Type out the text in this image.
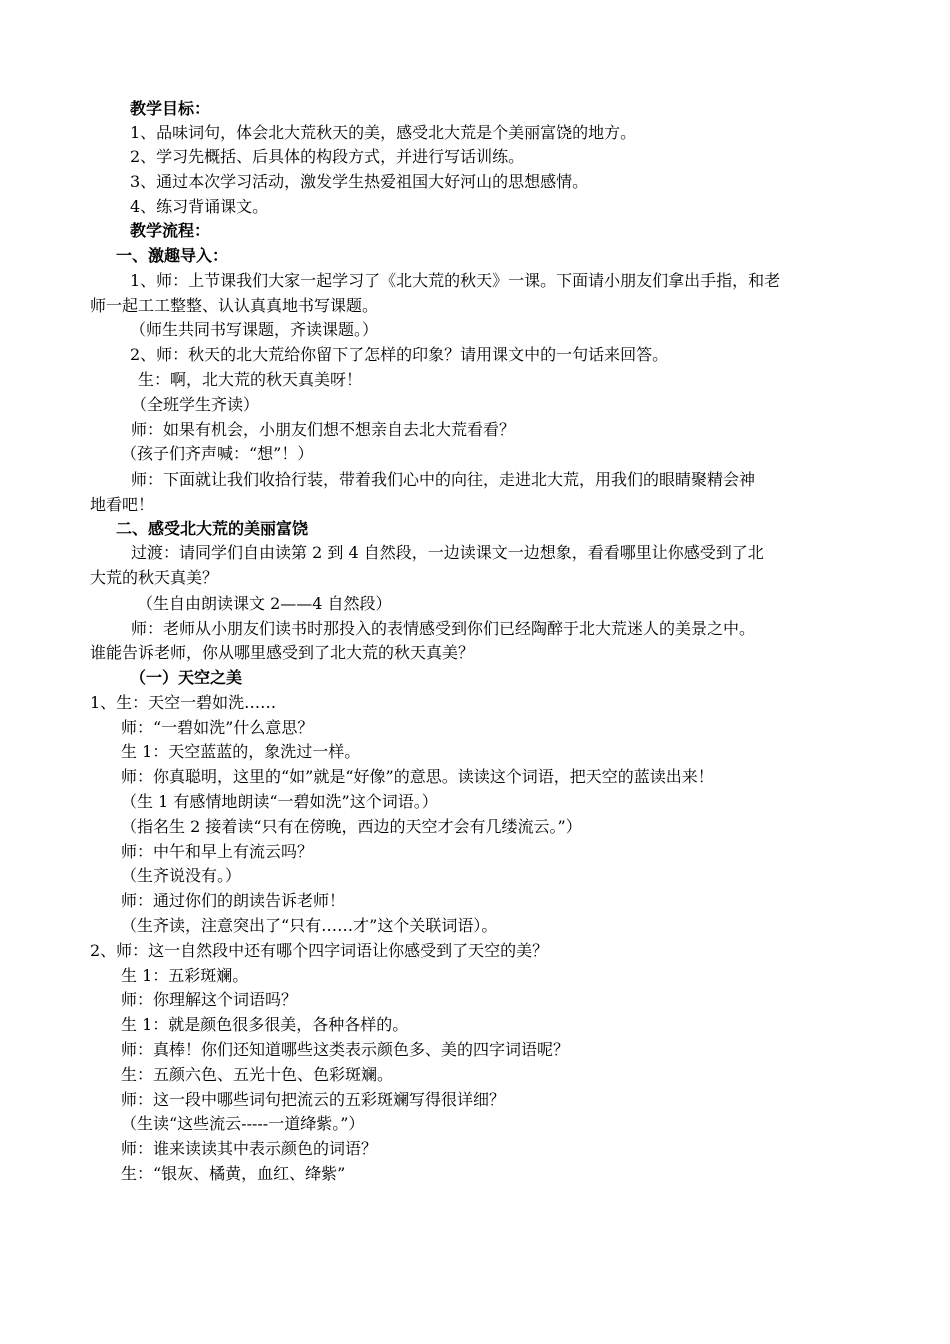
教学目标：
1、品味词句，体会北大荒秋天的美，感受北大荒是个美丽富饶的地方。
2、学习先概括、后具体的构段方式，并进行写话训练。
3、通过本次学习活动，激发学生热爱祖国大好河山的思想感情。
4、练习背诵课文。
教学流程：
一、激趣导入：
1、师：上节课我们大家一起学习了《北大荒的秋天》一课。下面请小朋友们拿出手指，和老
师一起工工整整、认认真真地书写课题。
（师生共同书写课题，齐读课题。）
2、师：秋天的北大荒给你留下了怎样的印象？请用课文中的一句话来回答。
生：啊，北大荒的秋天真美呀！
（全班学生齐读）
师：如果有机会，小朋友们想不想亲自去北大荒看看？
（孩子们齐声喊：“想”！）
师：下面就让我们收拾行装，带着我们心中的向往，走进北大荒，用我们的眼睛聚精会神
地看吧！
二、感受北大荒的美丽富饶
过渡：请同学们自由读第 2 到 4 自然段，一边读课文一边想象，看看哪里让你感受到了北
大荒的秋天真美？
（生自由朗读课文 2——4 自然段）
师：老师从小朋友们读书时那投入的表情感受到你们已经陶醉于北大荒迷人的美景之中。
谁能告诉老师，你从哪里感受到了北大荒的秋天真美？
（一）天空之美
1、生：天空一碧如洗……
师：“一碧如洗”什么意思？
生 1：天空蓝蓝的，象洗过一样。
师：你真聪明，这里的“如”就是“好像”的意思。读读这个词语，把天空的蓝读出来！
（生 1 有感情地朗读“一碧如洗”这个词语。）
（指名生 2 接着读“只有在傍晚，西边的天空才会有几缕流云。”）
师：中午和早上有流云吗？
（生齐说没有。）
师：通过你们的朗读告诉老师！
（生齐读，注意突出了“只有……才”这个关联词语）。
2、师：这一自然段中还有哪个四字词语让你感受到了天空的美？
生 1：五彩斑斓。
师：你理解这个词语吗？
生 1：就是颜色很多很美，各种各样的。
师：真棒！你们还知道哪些这类表示颜色多、美的四字词语呢？
生：五颜六色、五光十色、色彩斑斓。
师：这一段中哪些词句把流云的五彩斑斓写得很详细？
（生读“这些流云-----一道绛紫。”）
师：谁来读读其中表示颜色的词语？
生：“银灰、橘黄，血红、绛紫”
